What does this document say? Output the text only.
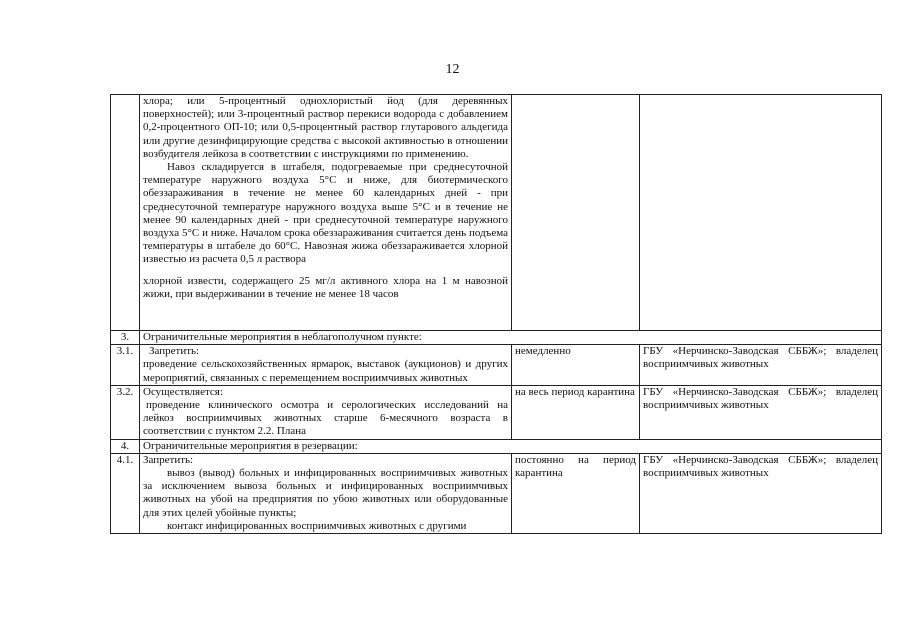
12

	хлора; или 5-процентный однохлористый йод (для деревянных поверхностей); или 3-процентный раствор перекиси водорода с добавлением 0,2-процентного ОП-10; или 0,5-процентный раствор глутарового альдегида или другие дезинфицирующие средства с высокой активностью в отношении возбудителя лейкоза в соответствии с инструкциями по применению.

Навоз складируется в штабеля, подогреваемые при среднесуточной температуре наружного воздуха 5°С и ниже, для биотермического обеззараживания в течение не менее 60 календарных дней - при среднесуточной температуре наружного воздуха выше 5°С и в течение не менее 90 календарных дней - при среднесуточной температуре наружного воздуха 5°С и ниже. Началом срока обеззараживания считается день подъема температуры в штабеле до 60°С. Навозная жижа обеззараживается хлорной известью из расчета 0,5 л раствора

хлорной извести, содержащего 25 мг/л активного хлора на 1 м навозной жижи, при выдерживании в течение не менее 18 часов		

3.	Ограничительные мероприятия в неблагополучном пункте:		
3.1.	Запретить:

проведение сельскохозяйственных ярмарок, выставок (аукционов) и других мероприятий, связанных с перемещением восприимчивых животных	немедленно	ГБУ «Нерчинско-Заводская СББЖ»; владелец восприимчивых животных
3.2.	Осуществляется:

проведение клинического осмотра и серологических исследований на лейкоз восприимчивых животных старше 6-месячного возраста в соответствии с пунктом 2.2. Плана	на весь период карантина	ГБУ «Нерчинско-Заводская СББЖ»; владелец восприимчивых животных
4.	Ограничительные мероприятия в резервации:		
4.1.	Запретить:

вывоз (вывод) больных и инфицированных восприимчивых животных за исключением вывоза больных и инфицированных восприимчивых животных на убой на предприятия по убою животных или оборудованные для этих целей убойные пункты;

контакт инфицированных восприимчивых животных с другими	постоянно на период карантина	ГБУ «Нерчинско-Заводская СББЖ»; владелец восприимчивых животных
